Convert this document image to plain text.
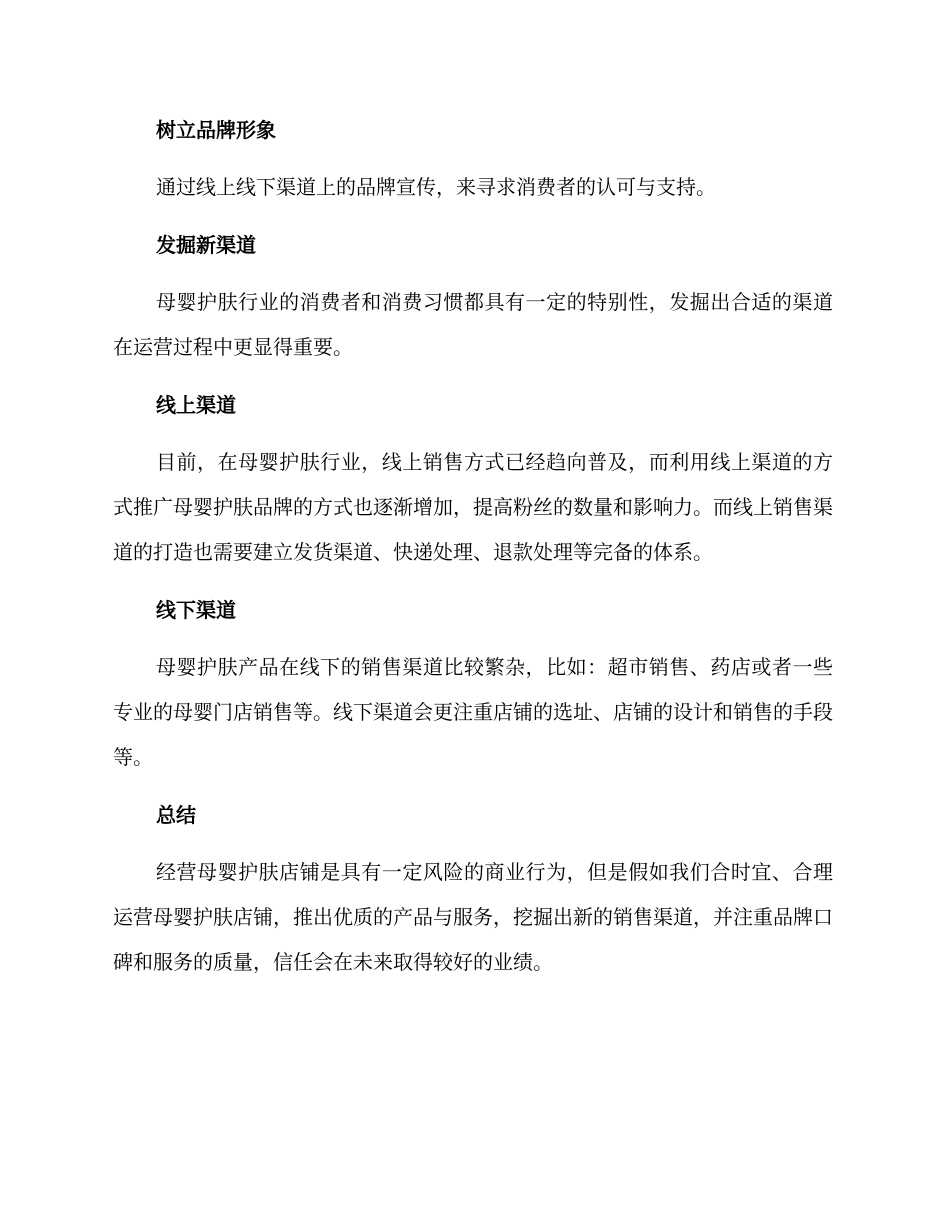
树立品牌形象
通过线上线下渠道上的品牌宣传，来寻求消费者的认可与支持。
发掘新渠道
母婴护肤行业的消费者和消费习惯都具有一定的特别性，发掘出合适的渠道在运营过程中更显得重要。
线上渠道
目前，在母婴护肤行业，线上销售方式已经趋向普及，而利用线上渠道的方式推广母婴护肤品牌的方式也逐渐增加，提高粉丝的数量和影响力。而线上销售渠道的打造也需要建立发货渠道、快递处理、退款处理等完备的体系。
线下渠道
母婴护肤产品在线下的销售渠道比较繁杂，比如：超市销售、药店或者一些专业的母婴门店销售等。线下渠道会更注重店铺的选址、店铺的设计和销售的手段等。
总结
经营母婴护肤店铺是具有一定风险的商业行为，但是假如我们合时宜、合理运营母婴护肤店铺，推出优质的产品与服务，挖掘出新的销售渠道，并注重品牌口碑和服务的质量，信任会在未来取得较好的业绩。
